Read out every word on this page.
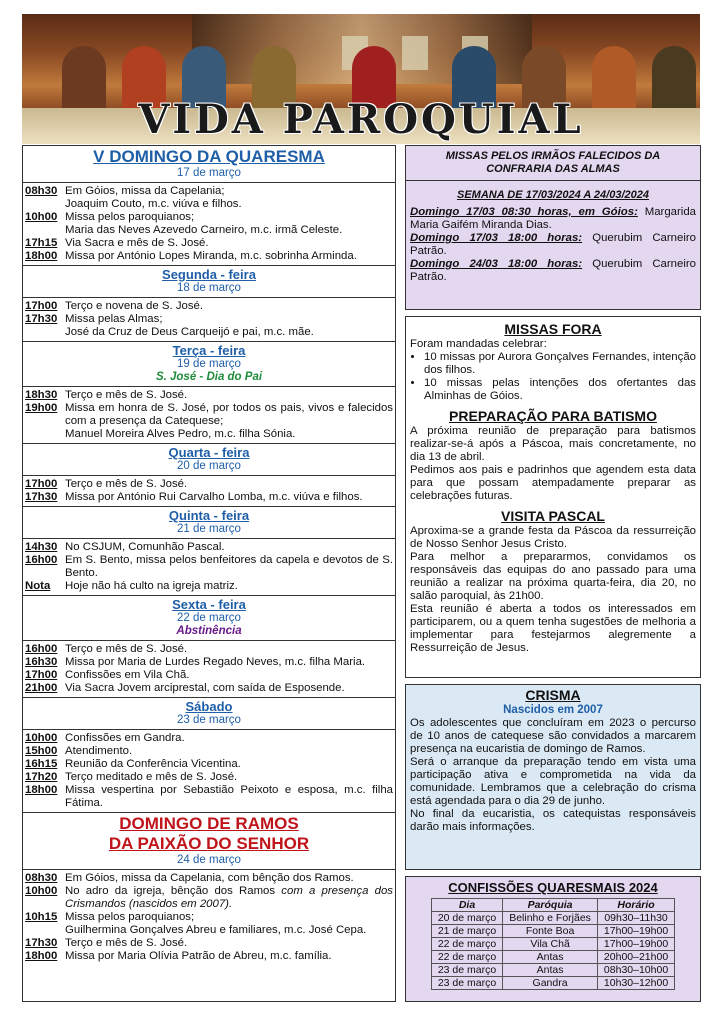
VIDA PAROQUIAL
V DOMINGO DA QUARESMA
17 de março
08h30 Em Góios, missa da Capelania;
Joaquim Couto, m.c. viúva e filhos.
10h00 Missa pelos paroquianos;
Maria das Neves Azevedo Carneiro, m.c. irmã Celeste.
17h15 Via Sacra e mês de S. José.
18h00 Missa por António Lopes Miranda, m.c. sobrinha Arminda.
Segunda - feira
18 de março
17h00 Terço e novena de S. José.
17h30 Missa pelas Almas;
José da Cruz de Deus Carqueijó e pai, m.c. mãe.
Terça - feira
19 de março
S. José - Dia do Pai
18h30 Terço e mês de S. José.
19h00 Missa em honra de S. José, por todos os pais, vivos e falecidos com a presença da Catequese;
Manuel Moreira Alves Pedro, m.c. filha Sónia.
Quarta - feira
20 de março
17h00 Terço e mês de S. José.
17h30 Missa por António Rui Carvalho Lomba, m.c. viúva e filhos.
Quinta - feira
21 de março
14h30 No CSJUM, Comunhão Pascal.
16h00 Em S. Bento, missa pelos benfeitores da capela e devotos de S. Bento.
Nota	Hoje não há culto na igreja matriz.
Sexta - feira
22 de março
Abstinência
16h00 Terço e mês de S. José.
16h30 Missa por Maria de Lurdes Regado Neves, m.c. filha Maria.
17h00 Confissões em Vila Chã.
21h00 Via Sacra Jovem arciprestal, com saída de Esposende.
Sábado
23 de março
10h00 Confissões em Gandra.
15h00 Atendimento.
16h15 Reunião da Conferência Vicentina.
17h20 Terço meditado e mês de S. José.
18h00 Missa vespertina por Sebastião Peixoto e esposa, m.c. filha Fátima.
DOMINGO DE RAMOS
DA PAIXÃO DO SENHOR
24 de março
08h30 Em Góios, missa da Capelania, com bênção dos Ramos.
10h00 No adro da igreja, bênção dos Ramos com a presença dos Crismandos (nascidos em 2007).
10h15 Missa pelos paroquianos;
Guilhermina Gonçalves Abreu e familiares, m.c. José Cepa.
17h30 Terço e mês de S. José.
18h00 Missa por Maria Olívia Patrão de Abreu, m.c. família.
MISSAS PELOS IRMÃOS FALECIDOS DA CONFRARIA DAS ALMAS
SEMANA DE 17/03/2024 A 24/03/2024

Domingo 17/03 08:30 horas, em Góios: Margarida Maria Gaifém Miranda Dias.

Domingo 17/03 18:00 horas: Querubim Carneiro Patrão.

Domingo 24/03 18:00 horas: Querubim Carneiro Patrão.

MISSAS FORA

Foram mandadas celebrar:

• 10 missas por Aurora Gonçalves Fernandes, intenção dos filhos.
• 10 missas pelas intenções dos ofertantes das Alminhas de Góios.
PREPARAÇÃO PARA BATISMO

A próxima reunião de preparação para batismos realizar-se-á após a Páscoa, mais concretamente, no dia 13 de abril.

Pedimos aos pais e padrinhos que agendem esta data para que possam atempadamente preparar as celebrações futuras.

VISITA PASCAL

Aproxima-se a grande festa da Páscoa da ressurreição de Nosso Senhor Jesus Cristo.

Para melhor a prepararmos, convidamos os responsáveis das equipas do ano passado para uma reunião a realizar na próxima quarta-feira, dia 20, no salão paroquial, às 21h00.

Esta reunião é aberta a todos os interessados em participarem, ou a quem tenha sugestões de melhoria a implementar para festejarmos alegremente a Ressurreição de Jesus.

CRISMA
Nascidos em 2007

Os adolescentes que concluíram em 2023 o percurso de 10 anos de catequese são convidados a marcarem presença na eucaristia de domingo de Ramos.

Será o arranque da preparação tendo em vista uma participação ativa e comprometida na vida da comunidade. Lembramos que a celebração do crisma está agendada para o dia 29 de junho.

No final da eucaristia, os catequistas responsáveis darão mais informações.

CONFISSÕES QUARESMAIS 2024
Dia	Paróquia	Horário
20 de março	Belinho e Forjães	09h30–11h30
21 de março	Fonte Boa	17h00–19h00
22 de março	Vila Chã	17h00–19h00
22 de março	Antas	20h00–21h00
23 de março	Antas	08h30–10h00
23 de março	Gandra	10h30–12h00
